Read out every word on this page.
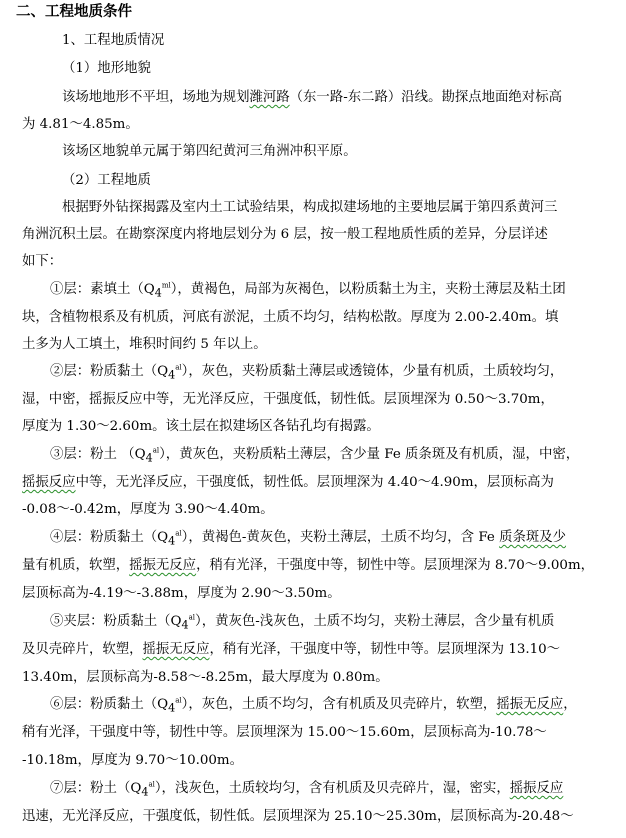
二、工程地质条件
1、工程地质情况
（1）地形地貌
该场地地形不平坦，场地为规划潍河路（东一路-东二路）沿线。勘探点地面绝对标高
为 4.81～4.85m。
该场区地貌单元属于第四纪黄河三角洲冲积平原。
（2）工程地质
根据野外钻探揭露及室内土工试验结果，构成拟建场地的主要地层属于第四系黄河三
角洲沉积土层。在勘察深度内将地层划分为 6 层，按一般工程地质性质的差异，分层详述
如下：
①层：素填土$(Q_4^{ml})$，黄褐色，局部为灰褐色，以粉质黏土为主，夹粉土薄层及粘土团
块，含植物根系及有机质，河底有淤泥，土质不均匀，结构松散。厚度为 2.00-2.40m。填
土多为人工填土，堆积时间约 5 年以上。
②层：粉质黏土$(Q_4^{al})$，灰色，夹粉质黏土薄层或透镜体，少量有机质，土质较均匀，
湿，中密，摇振反应中等，无光泽反应，干强度低，韧性低。层顶埋深为 0.50～3.70m，
厚度为 1.30～2.60m。该土层在拟建场区各钻孔均有揭露。
③层：粉土 $(Q_4^{al})$，黄灰色，夹粉质粘土薄层，含少量 Fe 质条斑及有机质，湿，中密，
摇振反应中等，无光泽反应，干强度低，韧性低。层顶埋深为 4.40～4.90m，层顶标高为
-0.08～-0.42m，厚度为 3.90～4.40m。
④层：粉质黏土$(Q_4^{al})$，黄褐色-黄灰色，夹粉土薄层，土质不均匀，含 Fe 质条斑及少
量有机质，软塑，摇振无反应，稍有光泽，干强度中等，韧性中等。层顶埋深为 8.70～9.00m，
层顶标高为-4.19～-3.88m，厚度为 2.90～3.50m。
⑤夹层：粉质黏土$(Q_4^{al})$，黄灰色-浅灰色，土质不均匀，夹粉土薄层，含少量有机质
及贝壳碎片，软塑，摇振无反应，稍有光泽，干强度中等，韧性中等。层顶埋深为 13.10～
13.40m，层顶标高为-8.58～-8.25m，最大厚度为 0.80m。
⑥层：粉质黏土$(Q_4^{al})$，灰色，土质不均匀，含有机质及贝壳碎片，软塑，摇振无反应，
稍有光泽，干强度中等，韧性中等。层顶埋深为 15.00～15.60m，层顶标高为-10.78～
-10.18m，厚度为 9.70～10.00m。
⑦层：粉土$(Q_4^{al})$，浅灰色，土质较均匀，含有机质及贝壳碎片，湿，密实，摇振反应
迅速，无光泽反应，干强度低，韧性低。层顶埋深为 25.10～25.30m，层顶标高为-20.48～
